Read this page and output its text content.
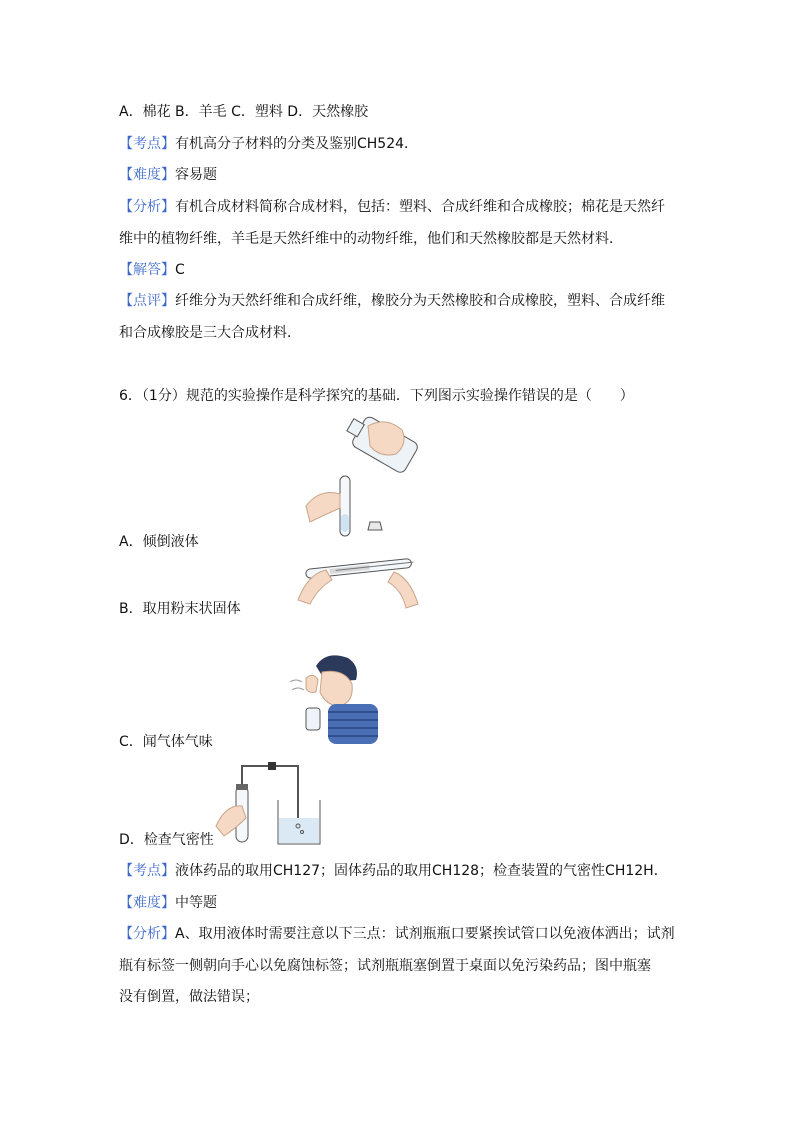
A．棉花 B．羊毛 C．塑料 D．天然橡胶
【考点】有机高分子材料的分类及鉴别CH524．
【难度】容易题
【分析】有机合成材料简称合成材料，包括：塑料、合成纤维和合成橡胶；棉花是天然纤
维中的植物纤维，羊毛是天然纤维中的动物纤维，他们和天然橡胶都是天然材料．
【解答】C
【点评】纤维分为天然纤维和合成纤维，橡胶分为天然橡胶和合成橡胶，塑料、合成纤维
和合成橡胶是三大合成材料．
6．（1分）规范的实验操作是科学探究的基础．下列图示实验操作错误的是（　　）
A．倾倒液体
B．取用粉末状固体
C．闻气体气味
D．检查气密性
【考点】液体药品的取用CH127；固体药品的取用CH128；检查装置的气密性CH12H．
【难度】中等题
【分析】A、取用液体时需要注意以下三点：试剂瓶瓶口要紧挨试管口以免液体洒出；试剂
瓶有标签一侧朝向手心以免腐蚀标签；试剂瓶瓶塞倒置于桌面以免污染药品；图中瓶塞
没有倒置，做法错误；
